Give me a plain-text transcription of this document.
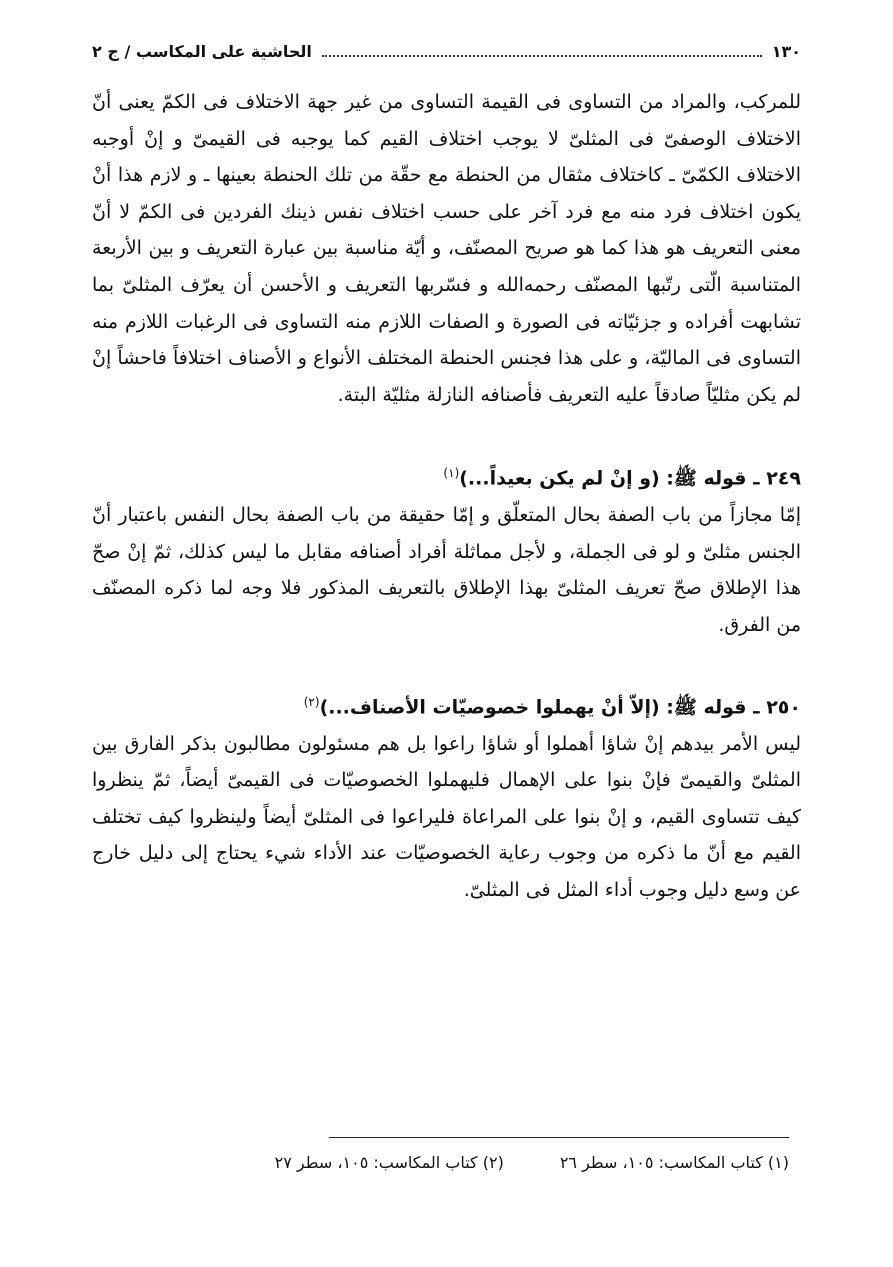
١٣٠
الحاشية على المكاسب / ج ٢

للمركب، والمراد من التساوى فى القيمة التساوى من غير جهة الاختلاف فى الكمّ يعنى أنّ الاختلاف الوصفىّ فى المثلىّ لا يوجب اختلاف القيم كما يوجبه فى القيمىّ و إنْ أوجبه الاختلاف الكمّىّ ـ كاختلاف مثقال من الحنطة مع حقّة من تلك الحنطة بعينها ـ و لازم هذا أنْ يكون اختلاف فرد منه مع فرد آخر على حسب اختلاف نفس ذينك الفردين فى الكمّ لا أنّ معنى التعريف هو هذا كما هو صريح المصنّف، و أيّة مناسبة بين عبارة التعريف و بين الأربعة المتناسبة الّتى رتّبها المصنّف رحمه‌الله و فسّربها التعريف و الأحسن أن يعرّف المثلىّ بما تشابهت أفراده و جزئيّاته فى الصورة و الصفات اللازم منه التساوى فى الرغبات اللازم منه التساوى فى الماليّة، و على هذا فجنس الحنطة المختلف الأنواع و الأصناف اختلافاً فاحشاً إنْ لم يكن مثليّاً صادقاً عليه التعريف فأصنافه النازلة مثليّة البتة.

٢٤٩ ـ قوله ﷺ: (و إنْ لم يكن بعيداً...)$^{(١)}$

إمّا مجازاً من باب الصفة بحال المتعلّق و إمّا حقيقة من باب الصفة بحال النفس باعتبار أنّ الجنس مثلىّ و لو فى الجملة، و لأجل مماثلة أفراد أصنافه مقابل ما ليس كذلك، ثمّ إنْ صحّ هذا الإطلاق صحّ تعريف المثلىّ بهذا الإطلاق بالتعريف المذكور فلا وجه لما ذكره المصنّف من الفرق.

٢٥٠ ـ قوله ﷺ: (إلاّ أنْ يهملوا خصوصيّات الأصناف...)$^{(٢)}$

ليس الأمر بيدهم إنْ شاؤا أهملوا أو شاؤا راعوا بل هم مسئولون مطالبون بذكر الفارق بين المثلىّ والقيمىّ فإنْ بنوا على الإهمال فليهملوا الخصوصيّات فى القيمىّ أيضاً، ثمّ ينظروا كيف تتساوى القيم، و إنْ بنوا على المراعاة فليراعوا فى المثلىّ أيضاً ولينظروا كيف تختلف القيم مع أنّ ما ذكره من وجوب رعاية الخصوصيّات عند الأداء شيء يحتاج إلى دليل خارج عن وسع دليل وجوب أداء المثل فى المثلىّ.

(١) كتاب المكاسب: ١٠٥، سطر ٢٦
(٢) كتاب المكاسب: ١٠٥، سطر ٢٧
